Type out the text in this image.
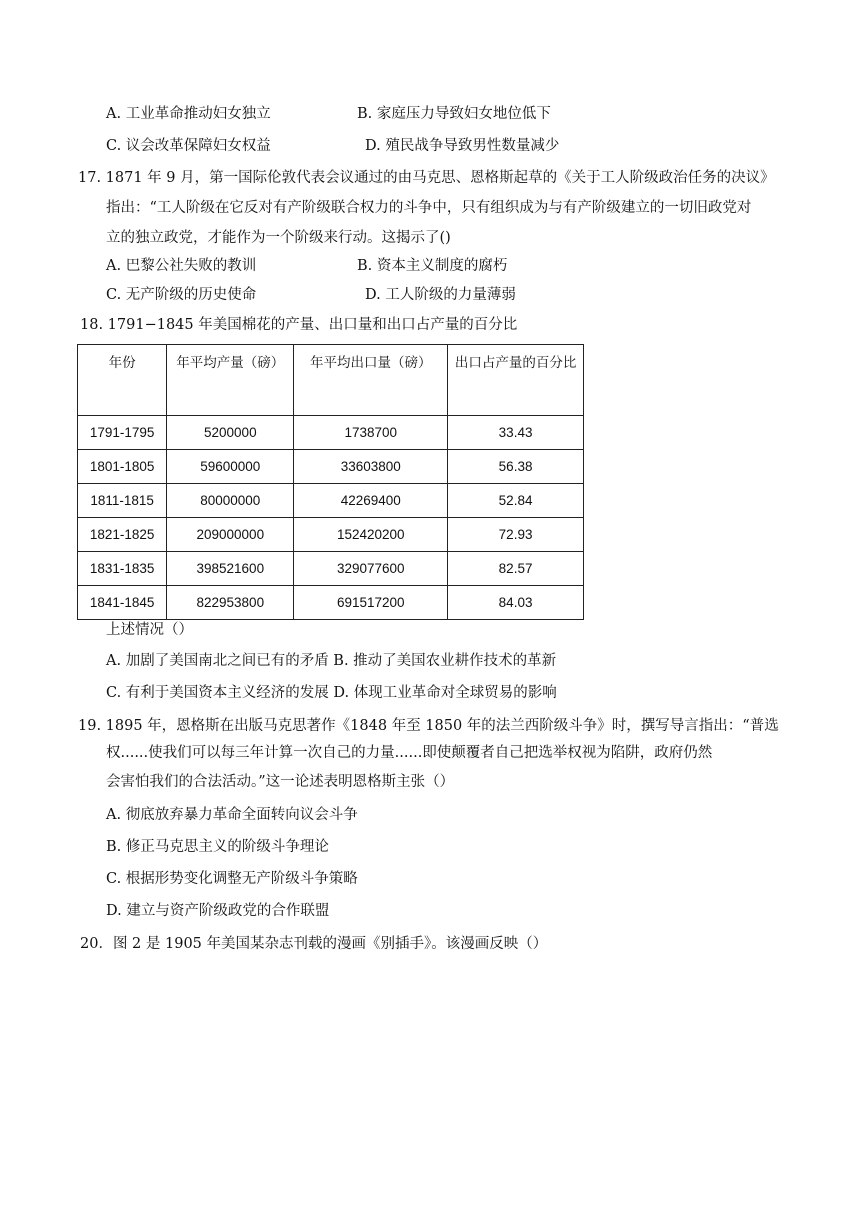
A. 工业革命推动妇女独立	B. 家庭压力导致妇女地位低下
C. 议会改革保障妇女权益	D. 殖民战争导致男性数量减少
17. 1871 年 9 月，第一国际伦敦代表会议通过的由马克思、恩格斯起草的《关于工人阶级政治任务的决议》
指出：“工人阶级在它反对有产阶级联合权力的斗争中，只有组织成为与有产阶级建立的一切旧政党对
立的独立政党，才能作为一个阶级来行动。这揭示了()
A. 巴黎公社失败的教训	B. 资本主义制度的腐朽
C. 无产阶级的历史使命	D. 工人阶级的力量薄弱
18. 1791−1845 年美国棉花的产量、出口量和出口占产量的百分比
年份	年平均产量（磅）	年平均出口量（磅）	出口占产量的百分比

1791-1795	5200000	1738700	33.43
1801-1805	59600000	33603800	56.38
1811-1815	80000000	42269400	52.84
1821-1825	209000000	152420200	72.93
1831-1835	398521600	329077600	82.57
1841-1845	822953800	691517200	84.03
上述情况（）
A. 加剧了美国南北之间已有的矛盾 B. 推动了美国农业耕作技术的革新
C. 有利于美国资本主义经济的发展 D. 体现工业革命对全球贸易的影响
19. 1895 年，恩格斯在出版马克思著作《1848 年至 1850 年的法兰西阶级斗争》时，撰写导言指出：“普选
权......使我们可以每三年计算一次自己的力量......即使颠覆者自己把选举权视为陷阱，政府仍然
会害怕我们的合法活动。”这一论述表明恩格斯主张（）
A. 彻底放弃暴力革命全面转向议会斗争
B. 修正马克思主义的阶级斗争理论
C. 根据形势变化调整无产阶级斗争策略
D. 建立与资产阶级政党的合作联盟
20．图 2 是 1905 年美国某杂志刊载的漫画《别插手》。该漫画反映（）
